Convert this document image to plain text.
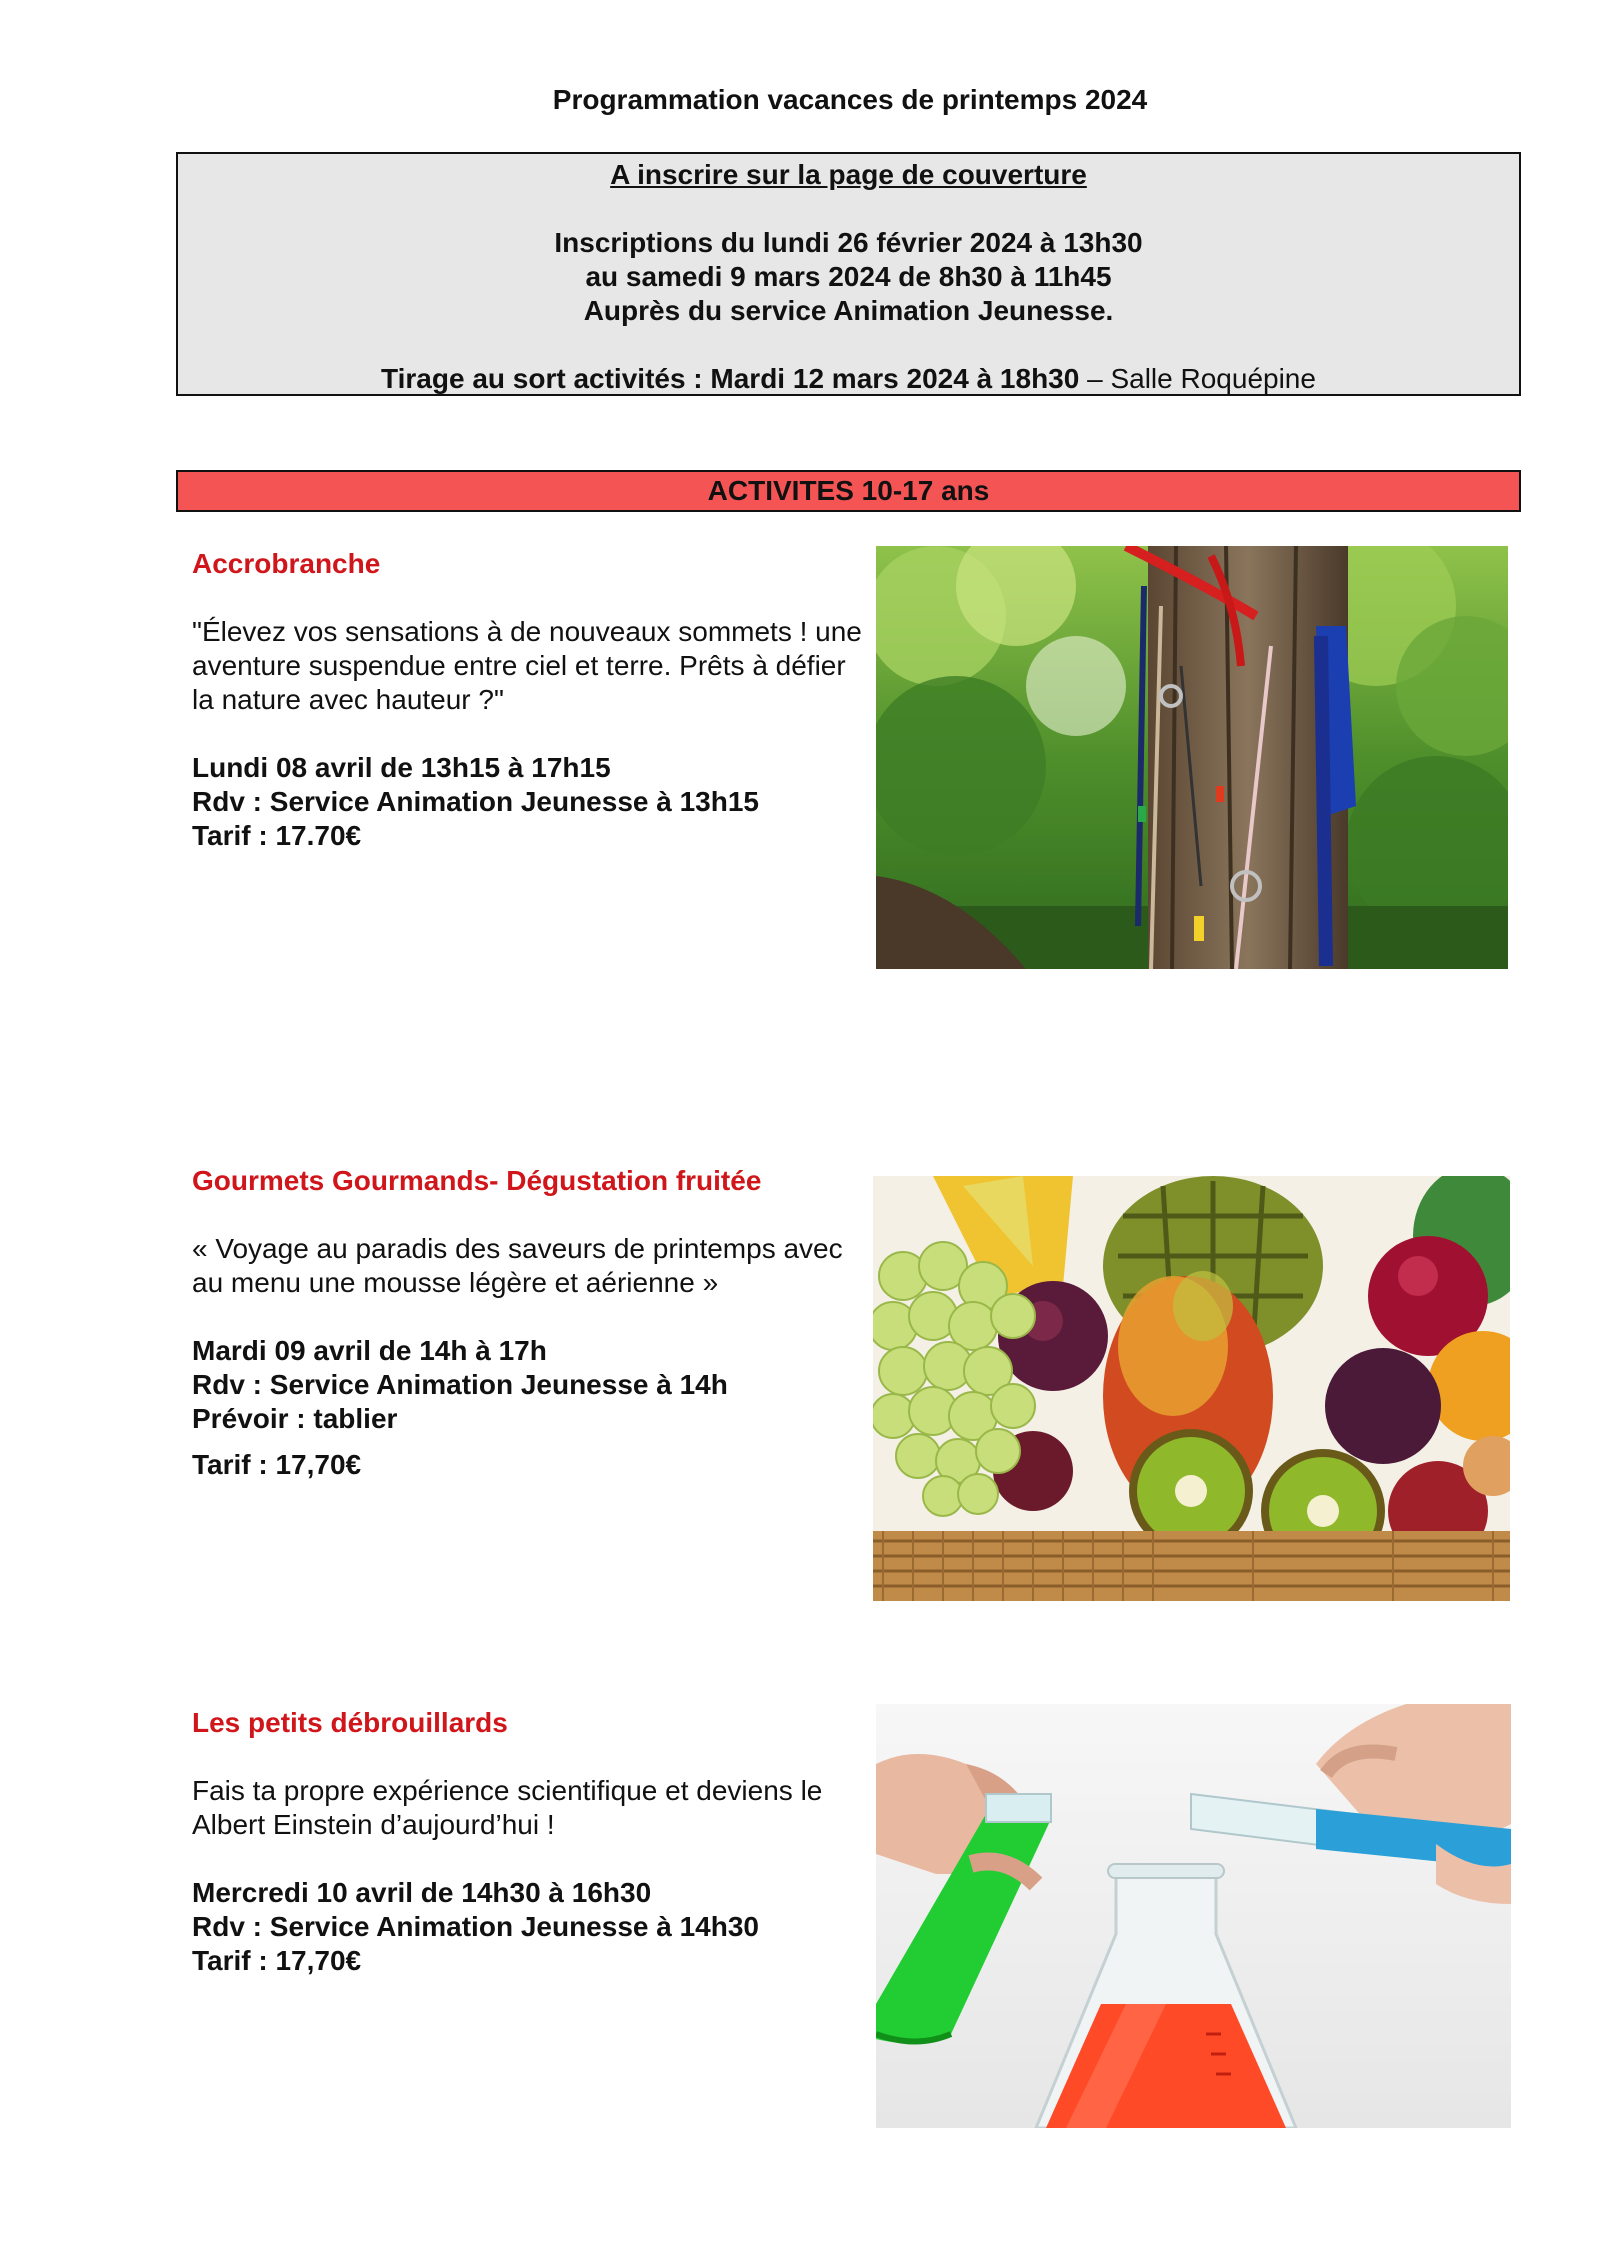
Programmation vacances de printemps 2024
A inscrire sur la page de couverture
Inscriptions du lundi 26 février 2024 à 13h30
au samedi 9 mars 2024 de 8h30 à 11h45
Auprès du service Animation Jeunesse.
Tirage au sort activités : Mardi 12 mars 2024 à 18h30 – Salle Roquépine
ACTIVITES 10-17 ans
Accrobranche
"Élevez vos sensations à de nouveaux sommets ! une aventure suspendue entre ciel et terre. Prêts à défier la nature avec hauteur ?"
Lundi 08 avril de 13h15 à 17h15
Rdv : Service Animation Jeunesse à 13h15
Tarif : 17.70€
Gourmets Gourmands- Dégustation fruitée
« Voyage au paradis des saveurs de printemps avec au menu une mousse légère et aérienne »
Mardi 09 avril de 14h à 17h
Rdv : Service Animation Jeunesse à 14h
Prévoir : tablier
Tarif : 17,70€
Les petits débrouillards
Fais ta propre expérience scientifique et deviens le Albert Einstein d’aujourd’hui !
Mercredi 10 avril de 14h30 à 16h30
Rdv : Service Animation Jeunesse à 14h30
Tarif : 17,70€
